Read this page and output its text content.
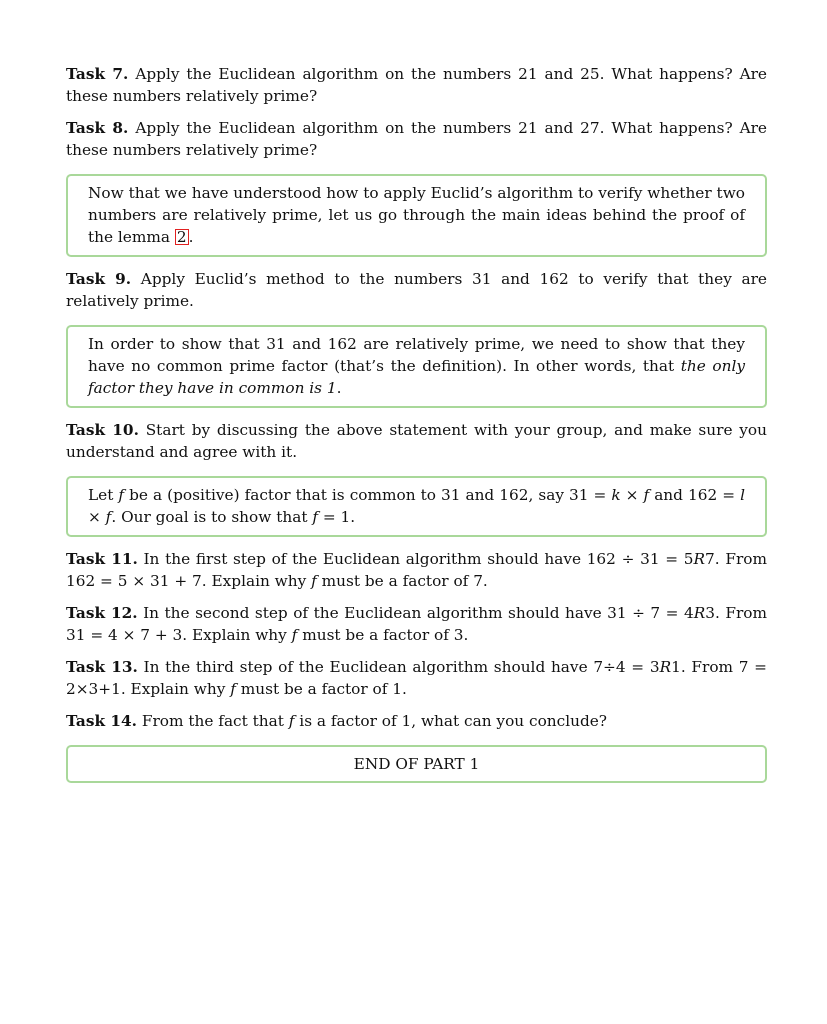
Task 7. Apply the Euclidean algorithm on the numbers 21 and 25. What happens? Are these numbers relatively prime?

Task 8. Apply the Euclidean algorithm on the numbers 21 and 27. What happens? Are these numbers relatively prime?

Now that we have understood how to apply Euclid’s algorithm to verify whether two numbers are relatively prime, let us go through the main ideas behind the proof of the lemma 2 .

Task 9. Apply Euclid’s method to the numbers 31 and 162 to verify that they are relatively prime.

In order to show that 31 and 162 are relatively prime, we need to show that they have no common prime factor (that’s the definition). In other words, that the only factor they have in common is 1.

Task 10. Start by discussing the above statement with your group, and make sure you understand and agree with it.

Let f be a (positive) factor that is common to 31 and 162, say 31 = k × f and 162 = l × f. Our goal is to show that f = 1.

Task 11. In the first step of the Euclidean algorithm should have 162 ÷ 31 = 5R7. From 162 = 5 × 31 + 7. Explain why f must be a factor of 7.

Task 12. In the second step of the Euclidean algorithm should have 31 ÷ 7 = 4R3. From 31 = 4 × 7 + 3. Explain why f must be a factor of 3.

Task 13. In the third step of the Euclidean algorithm should have 7÷4 = 3R1. From 7 = 2×3+1. Explain why f must be a factor of 1.

Task 14. From the fact that f is a factor of 1, what can you conclude?

END OF PART 1
